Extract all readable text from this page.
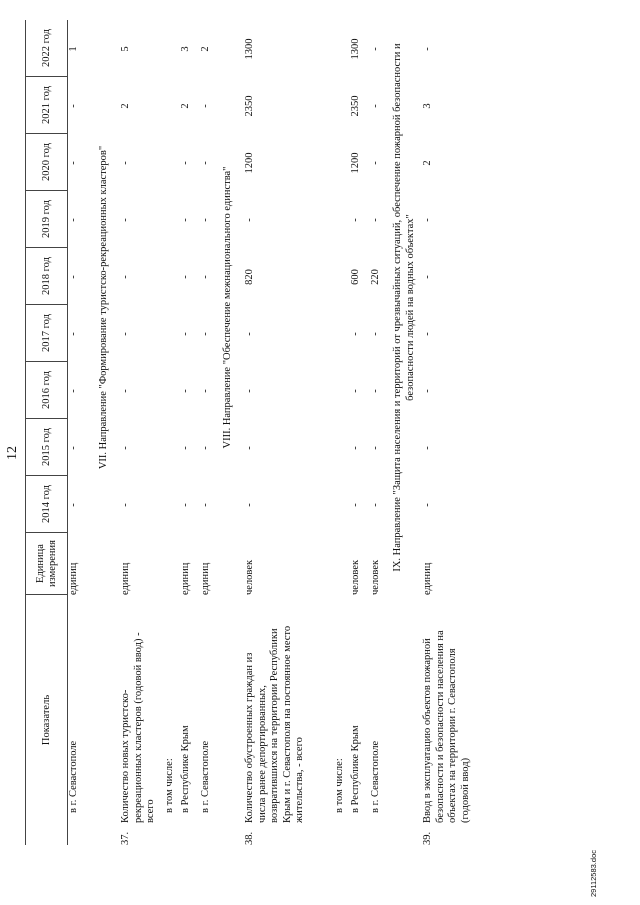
12
Показатель
Единица измерения
2014 год
2015 год
2016 год
2017 год
2018 год
2019 год
2020 год
2021 год
2022 год
в г. Севастополе
единиц
-
-
-
-
-
-
-
-
1
VII. Направление "Формирование туристско-рекреационных кластеров"
37.
Количество новых туристско-рекреационных кластеров (годовой ввод) - всего
единиц
-
-
-
-
-
-
-
2
5
в том числе: в Республике Крым
единиц
-
-
-
-
-
-
-
2
3
в г. Севастополе
единиц
-
-
-
-
-
-
-
-
2
VIII. Направление "Обеспечение межнационального единства"
38.
Количество обустроенных граждан из числа ранее депортированных, возвратившихся на территории Республики Крым и г. Севастополя на постоянное место жительства, - всего
человек
-
-
-
-
820
-
1200
2350
1300
в том числе: в Республике Крым
человек
-
-
-
-
600
-
1200
2350
1300
в г. Севастополе
человек
-
-
-
-
220
-
-
-
- IX. Направление "Защита населения и территорий от чрезвычайных ситуаций, обеспечение пожарной безопасности и безопасности людей на водных объектах"
39.
Ввод в эксплуатацию объектов пожарной безопасности и безопасности населения на объектах на территории г. Севастополя (годовой ввод)
единиц
-
-
-
-
-
-
2
3
-
29112583.doc
